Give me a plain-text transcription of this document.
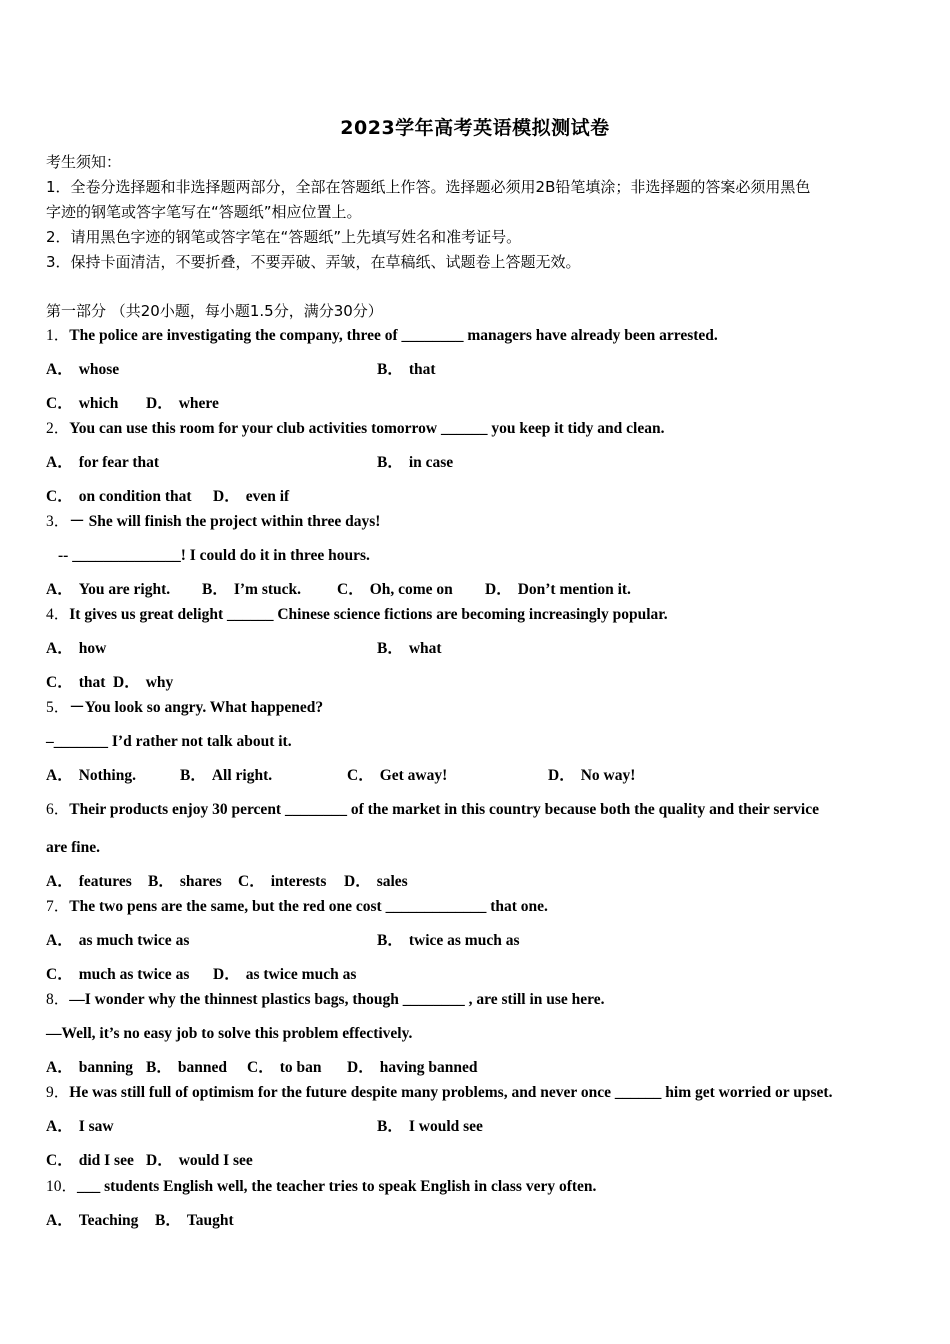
2023学年高考英语模拟测试卷
考生须知：
1．全卷分选择题和非选择题两部分，全部在答题纸上作答。选择题必须用2B铅笔填涂；非选择题的答案必须用黑色
字迹的钢笔或答字笔写在“答题纸”相应位置上。
2．请用黑色字迹的钢笔或答字笔在“答题纸”上先填写姓名和准考证号。
3．保持卡面清洁，不要折叠，不要弄破、弄皱，在草稿纸、试题卷上答题无效。
第一部分 （共20小题，每小题1.5分，满分30分）
1．The police are investigating the company, three of ________ managers have already been arrested.
A． whose	B． that
C． which D． where
2．You can use this room for your club activities tomorrow ______ you keep it tidy and clean.
A． for fear that	B． in case
C． on condition that D． even if
3．－ She will finish the project within three days!
-- ______________! I could do it in three hours.
A． You are right. B． I’m stuck. C． Oh, come on D． Don’t mention it.
4．It gives us great delight ______ Chinese science fictions are becoming increasingly popular.
A． how	B． what
C． that D． why
5．－You look so angry. What happened?
–_______ I’d rather not talk about it.
A． Nothing.	B． All right.	C． Get away!	D． No way!
6．Their products enjoy 30 percent ________ of the market in this country because both the quality and their service
are fine.
A． features B． shares C． interests D． sales
7．The two pens are the same, but the red one cost _____________ that one.
A． as much twice as	B． twice as much as
C． much as twice as D． as twice much as
8．—I wonder why the thinnest plastics bags, though ________ , are still in use here.
—Well, it’s no easy job to solve this problem effectively.
A． banning B． banned C． to ban D． having banned
9．He was still full of optimism for the future despite many problems, and never once ______ him get worried or upset.
A． I saw	B． I would see
C． did I see D． would I see
10．___ students English well, the teacher tries to speak English in class very often.
A． Teaching B． Taught
